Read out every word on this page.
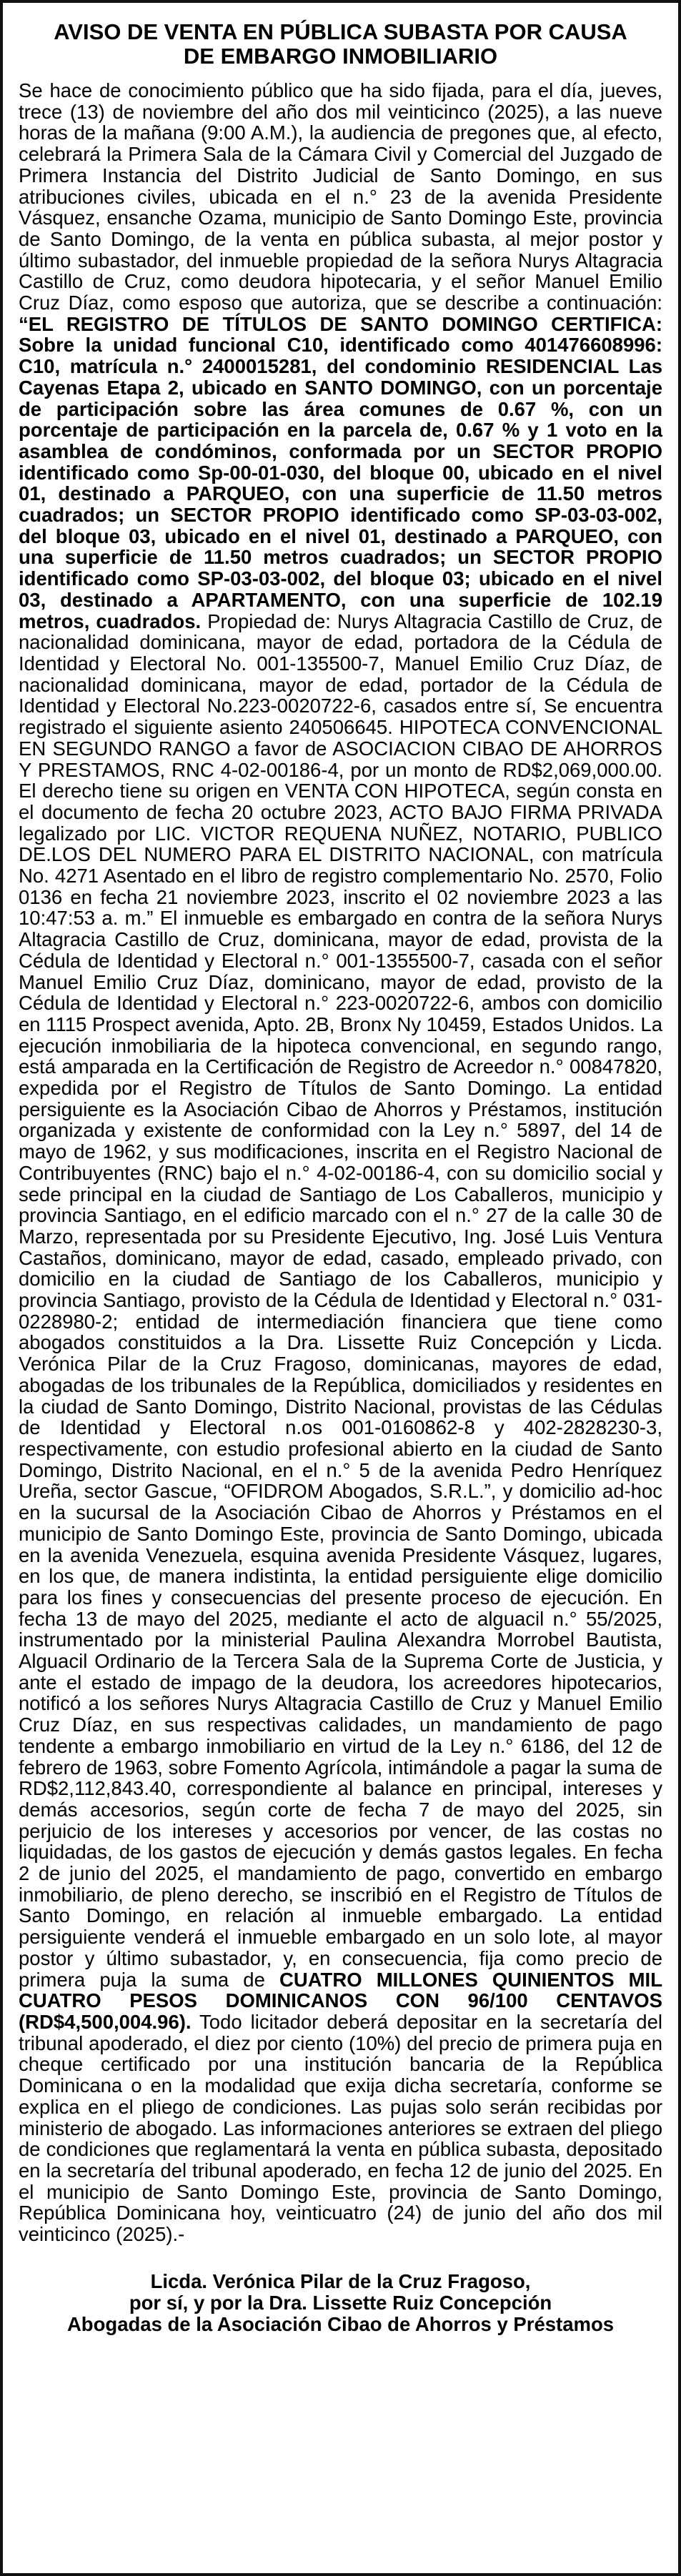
AVISO DE VENTA EN PÚBLICA SUBASTA POR CAUSA
DE EMBARGO INMOBILIARIO

Se hace de conocimiento público que ha sido fijada, para el día, jueves, trece (13) de noviembre del año dos mil veinticinco (2025), a las nueve horas de la mañana (9:00 A.M.), la audiencia de pregones que, al efecto, celebrará la Primera Sala de la Cámara Civil y Comercial del Juzgado de Primera Instancia del Distrito Judicial de Santo Domingo, en sus atribuciones civiles, ubicada en el n.° 23 de la avenida Presidente Vásquez, ensanche Ozama, municipio de Santo Domingo Este, provincia de Santo Domingo, de la venta en pública subasta, al mejor postor y último subastador, del inmueble propiedad de la señora Nurys Altagracia Castillo de Cruz, como deudora hipotecaria, y el señor Manuel Emilio Cruz Díaz, como esposo que autoriza, que se describe a continuación: “EL REGISTRO DE TÍTULOS DE SANTO DOMINGO CERTIFICA: Sobre la unidad funcional C10, identificado como 401476608996: C10, matrícula n.° 2400015281, del condominio RESIDENCIAL Las Cayenas Etapa 2, ubicado en SANTO DOMINGO, con un porcentaje de participación sobre las área comunes de 0.67 %, con un porcentaje de participación en la parcela de, 0.67 % y 1 voto en la asamblea de condóminos, conformada por un SECTOR PROPIO identificado como Sp-00-01-030, del bloque 00, ubicado en el nivel 01, destinado a PARQUEO, con una superficie de 11.50 metros cuadrados; un SECTOR PROPIO identificado como SP-03-03-002, del bloque 03, ubicado en el nivel 01, destinado a PARQUEO, con una superficie de 11.50 metros cuadrados; un SECTOR PROPIO identificado como SP-03-03-002, del bloque 03; ubicado en el nivel 03, destinado a APARTAMENTO, con una superficie de 102.19 metros, cuadrados. Propiedad de: Nurys Altagracia Castillo de Cruz, de nacionalidad dominicana, mayor de edad, portadora de la Cédula de Identidad y Electoral No. 001-135500-7, Manuel Emilio Cruz Díaz, de nacionalidad dominicana, mayor de edad, portador de la Cédula de Identidad y Electoral No.223-0020722-6, casados entre sí, Se encuentra registrado el siguiente asiento 240506645. HIPOTECA CONVENCIONAL EN SEGUNDO RANGO a favor de ASOCIACION CIBAO DE AHORROS Y PRESTAMOS, RNC 4-02-00186-4, por un monto de RD$2,069,000.00. El derecho tiene su origen en VENTA CON HIPOTECA, según consta en el documento de fecha 20 octubre 2023, ACTO BAJO FIRMA PRIVADA legalizado por LIC. VICTOR REQUENA NUÑEZ, NOTARIO, PUBLICO DE.LOS DEL NUMERO PARA EL DISTRITO NACIONAL, con matrícula No. 4271 Asentado en el libro de registro complementario No. 2570, Folio 0136 en fecha 21 noviembre 2023, inscrito el 02 noviembre 2023 a las 10:47:53 a. m.” El inmueble es embargado en contra de la señora Nurys Altagracia Castillo de Cruz, dominicana, mayor de edad, provista de la Cédula de Identidad y Electoral n.° 001-1355500-7, casada con el señor Manuel Emilio Cruz Díaz, dominicano, mayor de edad, provisto de la Cédula de Identidad y Electoral n.° 223-0020722-6, ambos con domicilio en 1115 Prospect avenida, Apto. 2B, Bronx Ny 10459, Estados Unidos. La ejecución inmobiliaria de la hipoteca convencional, en segundo rango, está amparada en la Certificación de Registro de Acreedor n.° 00847820, expedida por el Registro de Títulos de Santo Domingo. La entidad persiguiente es la Asociación Cibao de Ahorros y Préstamos, institución organizada y existente de conformidad con la Ley n.° 5897, del 14 de mayo de 1962, y sus modificaciones, inscrita en el Registro Nacional de Contribuyentes (RNC) bajo el n.° 4-02-00186-4, con su domicilio social y sede principal en la ciudad de Santiago de Los Caballeros, municipio y provincia Santiago, en el edificio marcado con el n.° 27 de la calle 30 de Marzo, representada por su Presidente Ejecutivo, Ing. José Luis Ventura Castaños, dominicano, mayor de edad, casado, empleado privado, con domicilio en la ciudad de Santiago de los Caballeros, municipio y provincia Santiago, provisto de la Cédula de Identidad y Electoral n.° 031-0228980-2; entidad de intermediación financiera que tiene como abogados constituidos a la Dra. Lissette Ruiz Concepción y Licda. Verónica Pilar de la Cruz Fragoso, dominicanas, mayores de edad, abogadas de los tribunales de la República, domiciliados y residentes en la ciudad de Santo Domingo, Distrito Nacional, provistas de las Cédulas de Identidad y Electoral n.os 001-0160862-8 y 402-2828230-3, respectivamente, con estudio profesional abierto en la ciudad de Santo Domingo, Distrito Nacional, en el n.° 5 de la avenida Pedro Henríquez Ureña, sector Gascue, “OFIDROM Abogados, S.R.L.”, y domicilio ad-hoc en la sucursal de la Asociación Cibao de Ahorros y Préstamos en el municipio de Santo Domingo Este, provincia de Santo Domingo, ubicada en la avenida Venezuela, esquina avenida Presidente Vásquez, lugares, en los que, de manera indistinta, la entidad persiguiente elige domicilio para los fines y consecuencias del presente proceso de ejecución. En fecha 13 de mayo del 2025, mediante el acto de alguacil n.° 55/2025, instrumentado por la ministerial Paulina Alexandra Morrobel Bautista, Alguacil Ordinario de la Tercera Sala de la Suprema Corte de Justicia, y ante el estado de impago de la deudora, los acreedores hipotecarios, notificó a los señores Nurys Altagracia Castillo de Cruz y Manuel Emilio Cruz Díaz, en sus respectivas calidades, un mandamiento de pago tendente a embargo inmobiliario en virtud de la Ley n.° 6186, del 12 de febrero de 1963, sobre Fomento Agrícola, intimándole a pagar la suma de RD$2,112,843.40, correspondiente al balance en principal, intereses y demás accesorios, según corte de fecha 7 de mayo del 2025, sin perjuicio de los intereses y accesorios por vencer, de las costas no liquidadas, de los gastos de ejecución y demás gastos legales. En fecha 2 de junio del 2025, el mandamiento de pago, convertido en embargo inmobiliario, de pleno derecho, se inscribió en el Registro de Títulos de Santo Domingo, en relación al inmueble embargado. La entidad persiguiente venderá el inmueble embargado en un solo lote, al mayor postor y último subastador, y, en consecuencia, fija como precio de primera puja la suma de CUATRO MILLONES QUINIENTOS MIL CUATRO PESOS DOMINICANOS CON 96/100 CENTAVOS (RD$4,500,004.96). Todo licitador deberá depositar en la secretaría del tribunal apoderado, el diez por ciento (10%) del precio de primera puja en cheque certificado por una institución bancaria de la República Dominicana o en la modalidad que exija dicha secretaría, conforme se explica en el pliego de condiciones. Las pujas solo serán recibidas por ministerio de abogado. Las informaciones anteriores se extraen del pliego de condiciones que reglamentará la venta en pública subasta, depositado en la secretaría del tribunal apoderado, en fecha 12 de junio del 2025. En el municipio de Santo Domingo Este, provincia de Santo Domingo, República Dominicana hoy, veinticuatro (24) de junio del año dos mil veinticinco (2025).-

Licda. Verónica Pilar de la Cruz Fragoso,
por sí, y por la Dra. Lissette Ruiz Concepción
Abogadas de la Asociación Cibao de Ahorros y Préstamos
